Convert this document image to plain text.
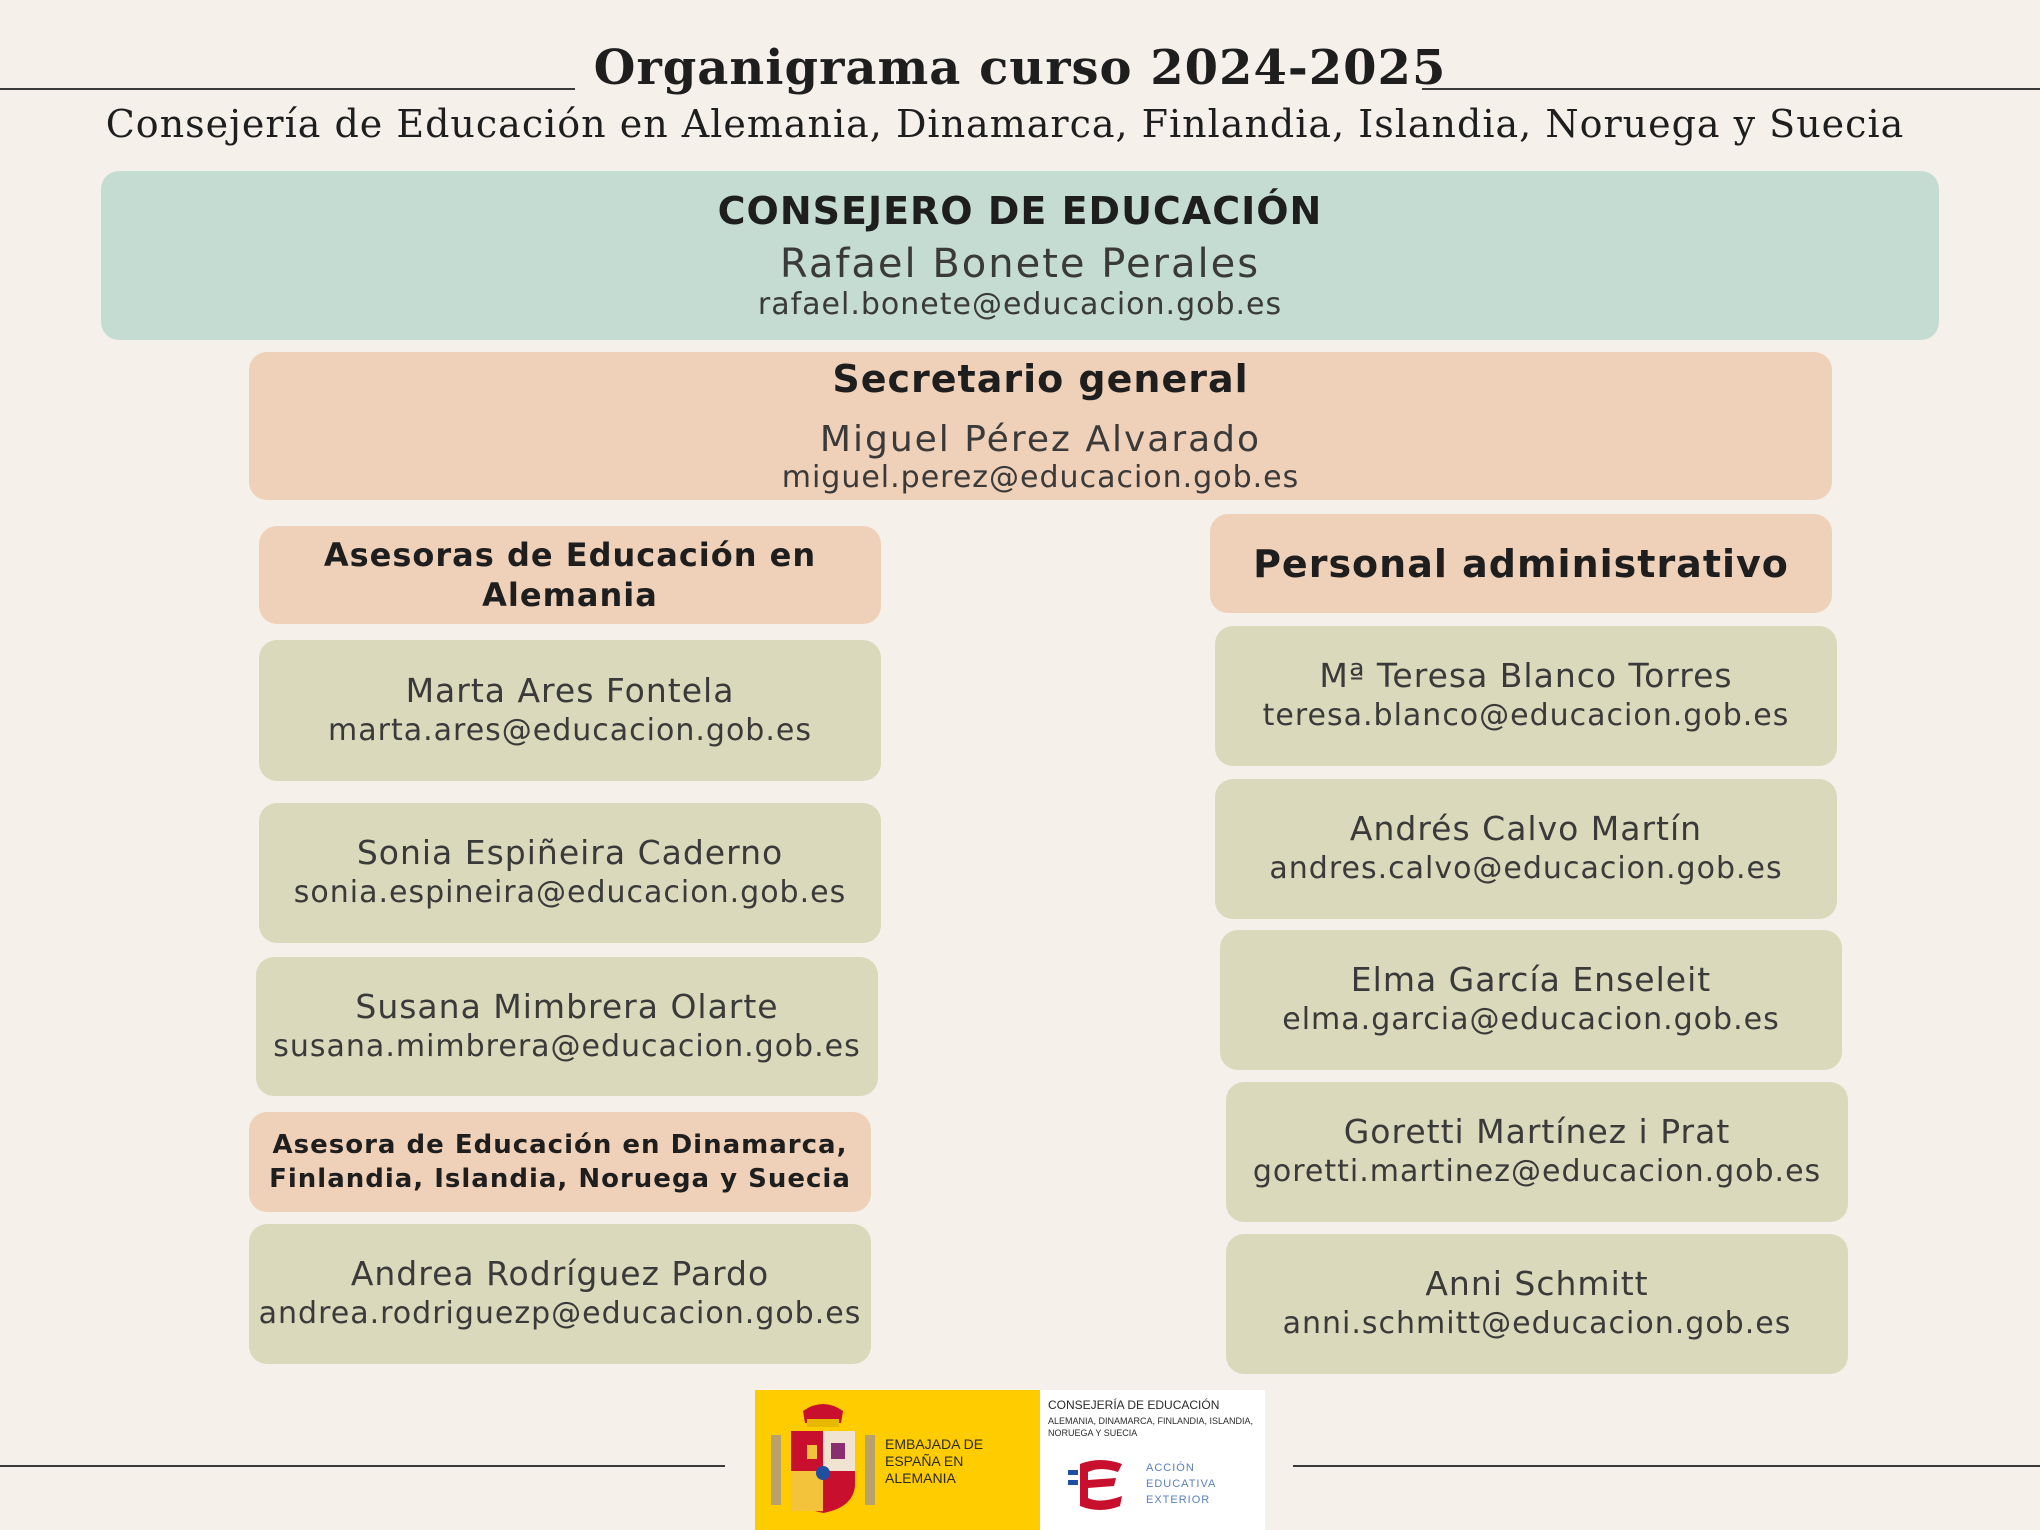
Organigrama curso 2024-2025
Consejería de Educación en Alemania, Dinamarca, Finlandia, Islandia, Noruega y Suecia
CONSEJERO DE EDUCACIÓN
Rafael Bonete Perales
rafael.bonete@educacion.gob.es
Secretario general
Miguel Pérez Alvarado
miguel.perez@educacion.gob.es
Asesoras de Educación en Alemania
Marta Ares Fontela
marta.ares@educacion.gob.es
Sonia Espiñeira Caderno
sonia.espineira@educacion.gob.es
Susana Mimbrera Olarte
susana.mimbrera@educacion.gob.es
Asesora de Educación en Dinamarca, Finlandia, Islandia, Noruega y Suecia
Andrea Rodríguez Pardo
andrea.rodriguezp@educacion.gob.es
Personal administrativo
Mª Teresa Blanco Torres
teresa.blanco@educacion.gob.es
Andrés Calvo Martín
andres.calvo@educacion.gob.es
Elma García Enseleit
elma.garcia@educacion.gob.es
Goretti Martínez i Prat
goretti.martinez@educacion.gob.es
Anni Schmitt
anni.schmitt@educacion.gob.es
EMBAJADA DE ESPAÑA EN ALEMANIA
CONSEJERÍA DE EDUCACIÓN
ALEMANIA, DINAMARCA, FINLANDIA, ISLANDIA, NORUEGA Y SUECIA
ACCIÓN EDUCATIVA EXTERIOR
